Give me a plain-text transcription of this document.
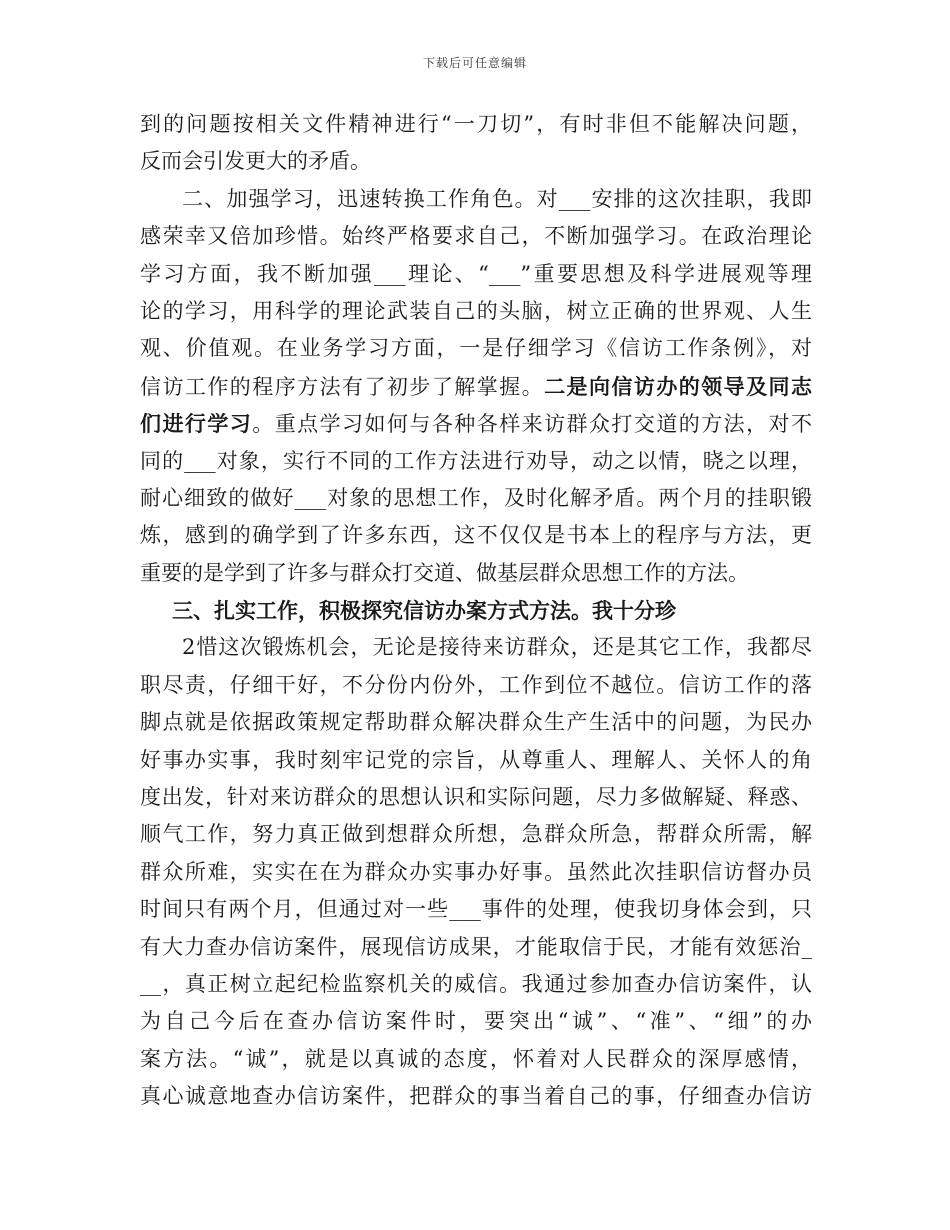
下载后可任意编辑
到的问题按相关文件精神进行“一刀切”，有时非但不能解决问题，
反而会引发更大的矛盾。
二、加强学习，迅速转换工作角色。对___安排的这次挂职，我即
感荣幸又倍加珍惜。始终严格要求自己，不断加强学习。在政治理论
学习方面，我不断加强___理论、“___”重要思想及科学进展观等理
论的学习，用科学的理论武装自己的头脑，树立正确的世界观、人生
观、价值观。在业务学习方面，一是仔细学习《信访工作条例》，对
信访工作的程序方法有了初步了解掌握。二是向信访办的领导及同志
们进行学习。重点学习如何与各种各样来访群众打交道的方法，对不
同的___对象，实行不同的工作方法进行劝导，动之以情，晓之以理，
耐心细致的做好___对象的思想工作，及时化解矛盾。两个月的挂职锻
炼，感到的确学到了许多东西，这不仅仅是书本上的程序与方法，更
重要的是学到了许多与群众打交道、做基层群众思想工作的方法。
三、扎实工作，积极探究信访办案方式方法。我十分珍
2惜这次锻炼机会，无论是接待来访群众，还是其它工作，我都尽
职尽责，仔细干好，不分份内份外，工作到位不越位。信访工作的落
脚点就是依据政策规定帮助群众解决群众生产生活中的问题，为民办
好事办实事，我时刻牢记党的宗旨，从尊重人、理解人、关怀人的角
度出发，针对来访群众的思想认识和实际问题，尽力多做解疑、释惑、
顺气工作，努力真正做到想群众所想，急群众所急，帮群众所需，解
群众所难，实实在在为群众办实事办好事。虽然此次挂职信访督办员
时间只有两个月，但通过对一些___事件的处理，使我切身体会到，只
有大力查办信访案件，展现信访成果，才能取信于民，才能有效惩治_
__，真正树立起纪检监察机关的威信。我通过参加查办信访案件，认
为自己今后在查办信访案件时，要突出“诚”、“准”、“细”的办
案方法。“诚”，就是以真诚的态度，怀着对人民群众的深厚感情，
真心诚意地查办信访案件，把群众的事当着自己的事，仔细查办信访
